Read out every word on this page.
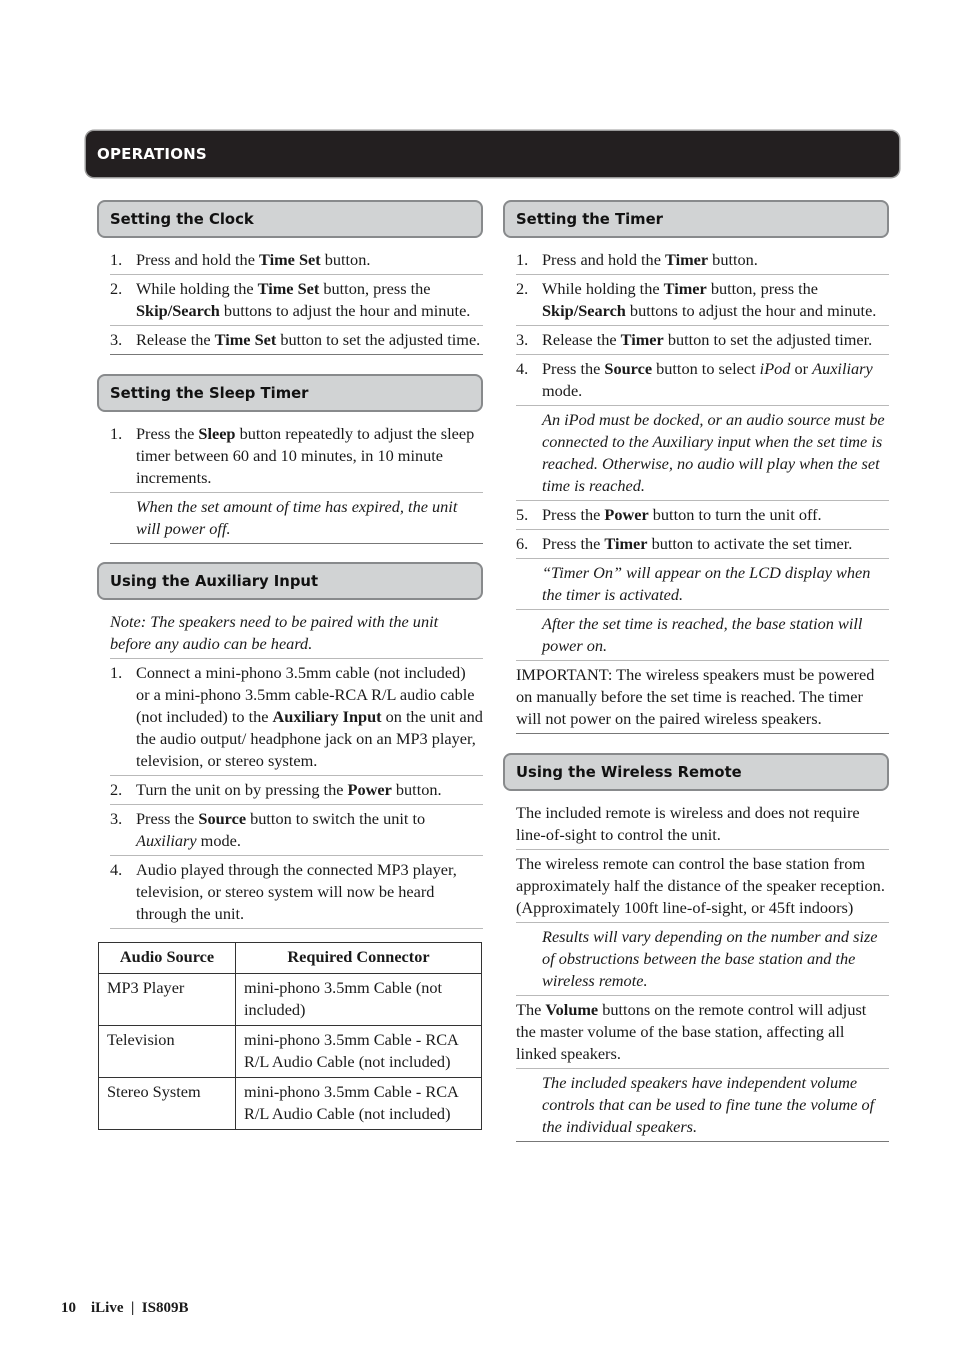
OPERATIONS
Setting the Clock
1. Press and hold the Time Set button.
2. While holding the Time Set button, press the Skip/Search buttons to adjust the hour and minute.
3. Release the Time Set button to set the adjusted time.
Setting the Sleep Timer
1. Press the Sleep button repeatedly to adjust the sleep timer between 60 and 10 minutes, in 10 minute increments.
When the set amount of time has expired, the unit will power off.
Using the Auxiliary Input
Note: The speakers need to be paired with the unit before any audio can be heard.
1. Connect a mini-phono 3.5mm cable (not included) or a mini-phono 3.5mm cable-RCA R/L audio cable (not included) to the Auxiliary Input on the unit and the audio output/ headphone jack on an MP3 player, television, or stereo system.
2. Turn the unit on by pressing the Power button.
3. Press the Source button to switch the unit to Auxiliary mode.
4. Audio played through the connected MP3 player, television, or stereo system will now be heard through the unit.
Audio Source	Required Connector
MP3 Player	mini-phono 3.5mm Cable (not included)
Television	mini-phono 3.5mm Cable - RCA R/L Audio Cable (not included)
Stereo System	mini-phono 3.5mm Cable - RCA R/L Audio Cable (not included)
Setting the Timer
1. Press and hold the Timer button.
2. While holding the Timer button, press the Skip/Search buttons to adjust the hour and minute.
3. Release the Timer button to set the adjusted timer.
4. Press the Source button to select iPod or Auxiliary mode.
An iPod must be docked, or an audio source must be connected to the Auxiliary input when the set time is reached. Otherwise, no audio will play when the set time is reached.
5. Press the Power button to turn the unit off.
6. Press the Timer button to activate the set timer.
“Timer On” will appear on the LCD display when the timer is activated.
After the set time is reached, the base station will power on.
IMPORTANT: The wireless speakers must be powered on manually before the set time is reached. The timer will not power on the paired wireless speakers.
Using the Wireless Remote
The included remote is wireless and does not require line-of-sight to control the unit.
The wireless remote can control the base station from approximately half the distance of the speaker reception. (Approximately 100ft line-of-sight, or 45ft indoors)
Results will vary depending on the number and size of obstructions between the base station and the wireless remote.
The Volume buttons on the remote control will adjust the master volume of the base station, affecting all linked speakers.
The included speakers have independent volume controls that can be used to fine tune the volume of the individual speakers.
10    iLive  |  IS809B
